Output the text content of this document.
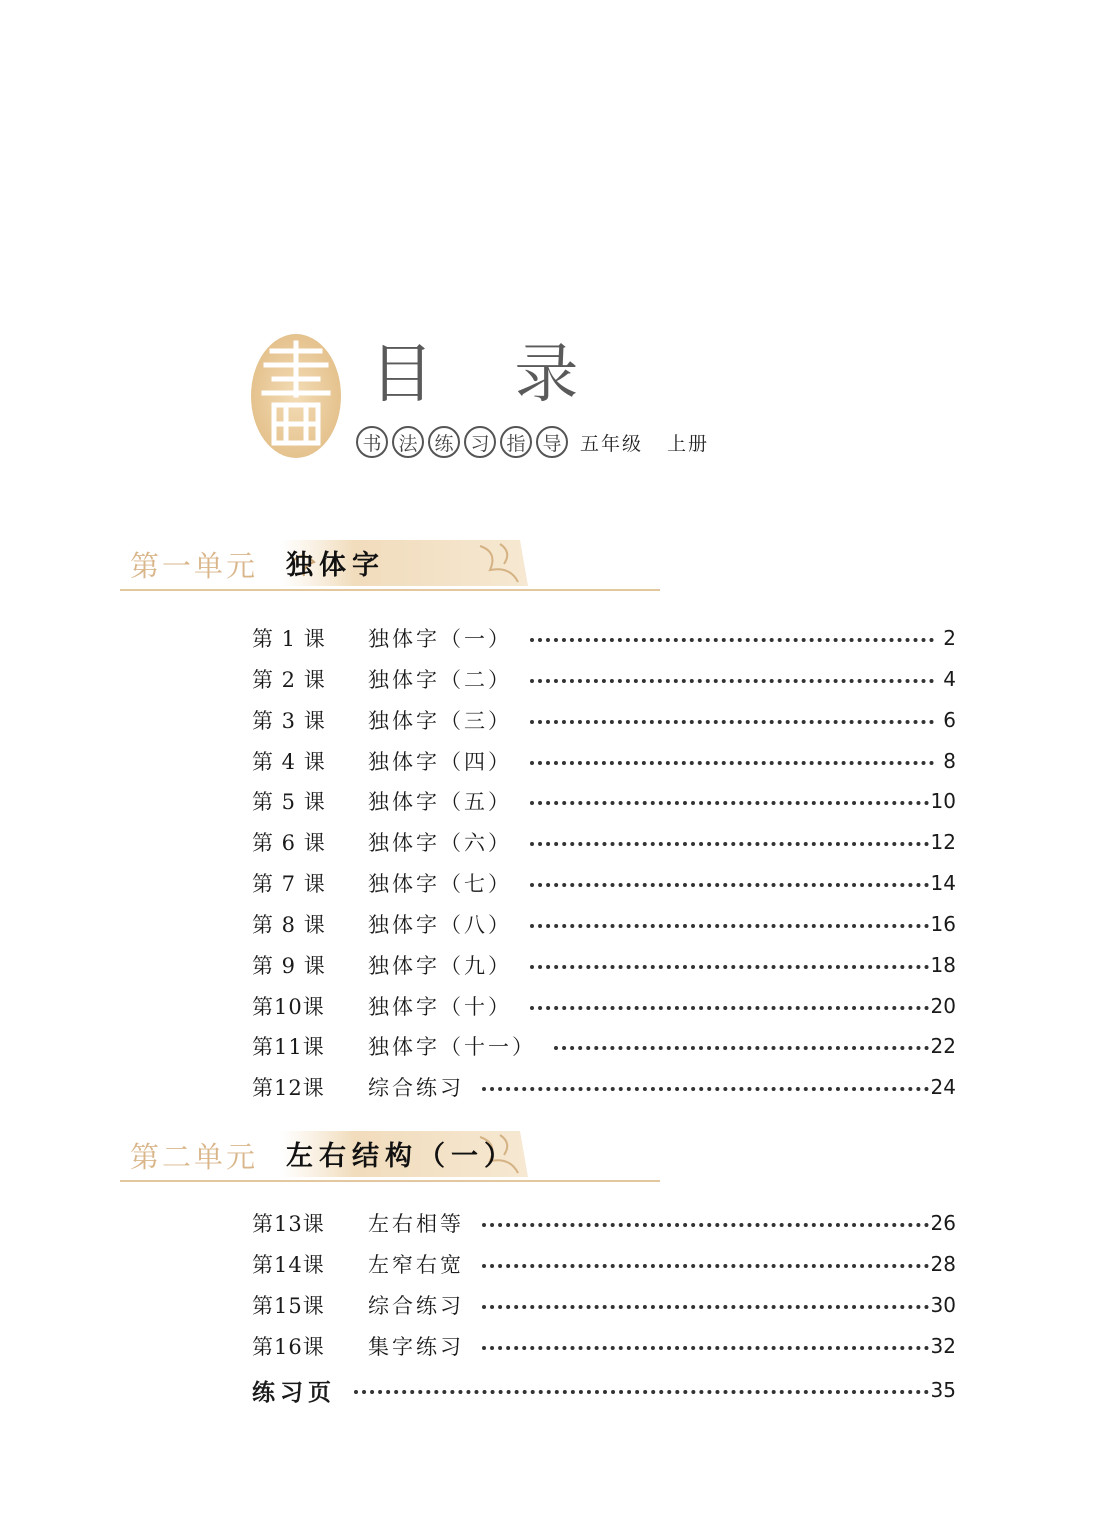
目 录
书 法 练 习 指 导 五年级 上册
第一单元 独体字
第 1 课	独体字（一）	2
第 2 课	独体字（二）	4
第 3 课	独体字（三）	6
第 4 课	独体字（四）	8
第 5 课	独体字（五）	10
第 6 课	独体字（六）	12
第 7 课	独体字（七）	14
第 8 课	独体字（八）	16
第 9 课	独体字（九）	18
第10课	独体字（十）	20
第11课	独体字（十一）	22
第12课	综合练习	24
第二单元 左右结构（一）
第13课	左右相等	26
第14课	左窄右宽	28
第15课	综合练习	30
第16课	集字练习	32
练习页	35
